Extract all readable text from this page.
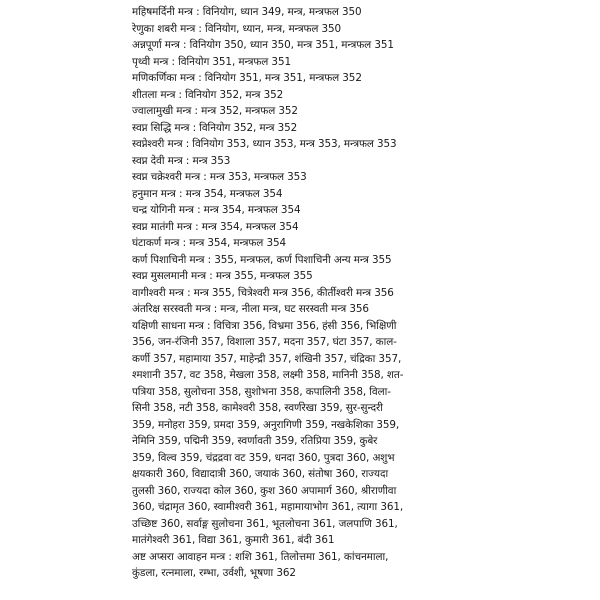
महिषमर्दिनी मन्त्र : विनियोग, ध्यान 349, मन्त्र, मन्त्रफल 350
रेणुका शबरी मन्त्र : विनियोग, ध्यान, मन्त्र, मन्त्रफल 350
अन्नपूर्णा मन्त्र : विनियोग 350, ध्यान 350, मन्त्र 351, मन्त्रफल 351
पृथ्वी मन्त्र : विनियोग 351, मन्त्रफल 351
मणिकर्णिका मन्त्र : विनियोग 351, मन्त्र 351, मन्त्रफल 352
शीतला मन्त्र : विनियोग 352, मन्त्र 352
ज्वालामुखी मन्त्र : मन्त्र 352, मन्त्रफल 352
स्वप्न सिद्धि मन्त्र : विनियोग 352, मन्त्र 352
स्वप्नेश्वरी मन्त्र : विनियोग 353, ध्यान 353, मन्त्र 353, मन्त्रफल 353
स्वप्न देवी मन्त्र : मन्त्र 353
स्वप्न चक्रेश्वरी मन्त्र : मन्त्र 353, मन्त्रफल 353
हनुमान मन्त्र : मन्त्र 354, मन्त्रफल 354
चन्द्र योगिनी मन्त्र : मन्त्र 354, मन्त्रफल 354
स्वप्न मातंगी मन्त्र : मन्त्र 354, मन्त्रफल 354
घंटाकर्ण मन्त्र : मन्त्र 354, मन्त्रफल 354
कर्ण पिशाचिनी मन्त्र : 355, मन्त्रफल, कर्ण पिशाचिनी अन्य मन्त्र 355
स्वप्न मुसलमानी मन्त्र : मन्त्र 355, मन्त्रफल 355
वागीश्वरी मन्त्र : मन्त्र 355, चित्रेश्वरी मन्त्र 356, कीर्तीश्वरी मन्त्र 356
अंतरिक्ष सरस्वती मन्त्र : मन्त्र, नीला मन्त्र, घट सरस्वती मन्त्र 356
यक्षिणी साधना मन्त्र : विचित्रा 356, विभ्रमा 356, हंसी 356, भिक्षिणी
356, जन-रंजिनी 357, विशाला 357, मदना 357, घंटा 357, काल-
कर्णी 357, महामाया 357, माहेन्द्री 357, शंखिनी 357, चंद्रिका 357,
श्मशानी 357, वट 358, मेखला 358, लक्ष्मी 358, मानिनी 358, शत-
पत्रिया 358, सुलोचना 358, सुशोभना 358, कपालिनी 358, विला-
सिनी 358, नटी 358, कामेश्वरी 358, स्वर्णरेखा 359, सुर-सुन्दरी
359, मनोहरा 359, प्रमदा 359, अनुरागिणी 359, नखकेशिका 359,
नेमिनि 359, पद्मिनी 359, स्वर्णावती 359, रतिप्रिया 359, कुबेर
359, विल्व 359, चंद्रद्रवा वट 359, धनदा 360, पुत्रदा 360, अशुभ
क्षयकारी 360, विद्यादात्री 360, जयाकं 360, संतोषा 360, राज्यदा
तुलसी 360, राज्यदा कोल 360, कुश 360 अपामार्ग 360, श्रीराणीवा
360, चंद्रामृत 360, स्वामीश्वरी 361, महामायाभोग 361, त्यागा 361,
उच्छिष्ट 360, सर्वाङ्ग सुलोचना 361, भूतलोचना 361, जलपाणि 361,
मातंगेश्वरी 361, विद्या 361, कुमारी 361, बंदी 361
अष्ट अप्सरा आवाहन मन्त्र : शशि 361, तिलोत्तमा 361, कांचनमाला,
कुंडला, रत्नमाला, रम्भा, उर्वशी, भूषणा 362
